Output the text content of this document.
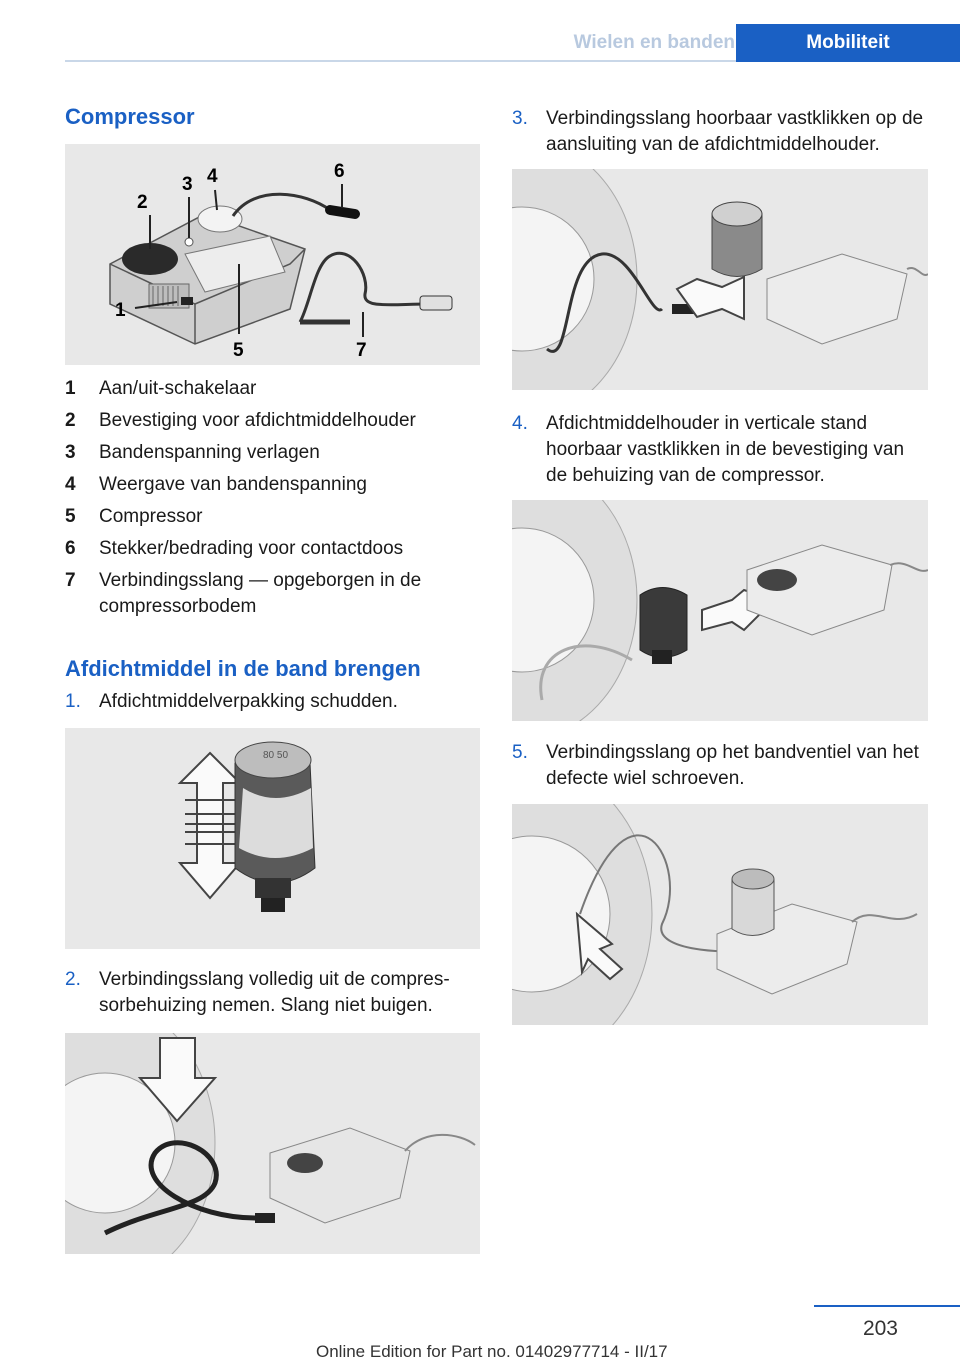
Wielen en banden	Mobiliteit
Compressor
2
3 4	6
1
5	7
1	Aan/uit-schakelaar
2	Bevestiging voor afdichtmiddelhouder
3	Bandenspanning verlagen
4	Weergave van bandenspanning
5	Compressor
6	Stekker/bedrading voor contactdoos
7	Verbindingsslang — opgeborgen in de compressorbodem
Afdichtmiddel in de band brengen
1. Afdichtmiddelverpakking schudden.
80 50
2. Verbindingsslang volledig uit de compressorbehuizing nemen. Slang niet buigen.
3. Verbindingsslang hoorbaar vastklikken op de aansluiting van de afdichtmiddelhouder.
4. Afdichtmiddelhouder in verticale stand hoorbaar vastklikken in de bevestiging van de behuizing van de compressor.
5. Verbindingsslang op het bandventiel van het defecte wiel schroeven.
203
Online Edition for Part no. 01402977714 - II/17
